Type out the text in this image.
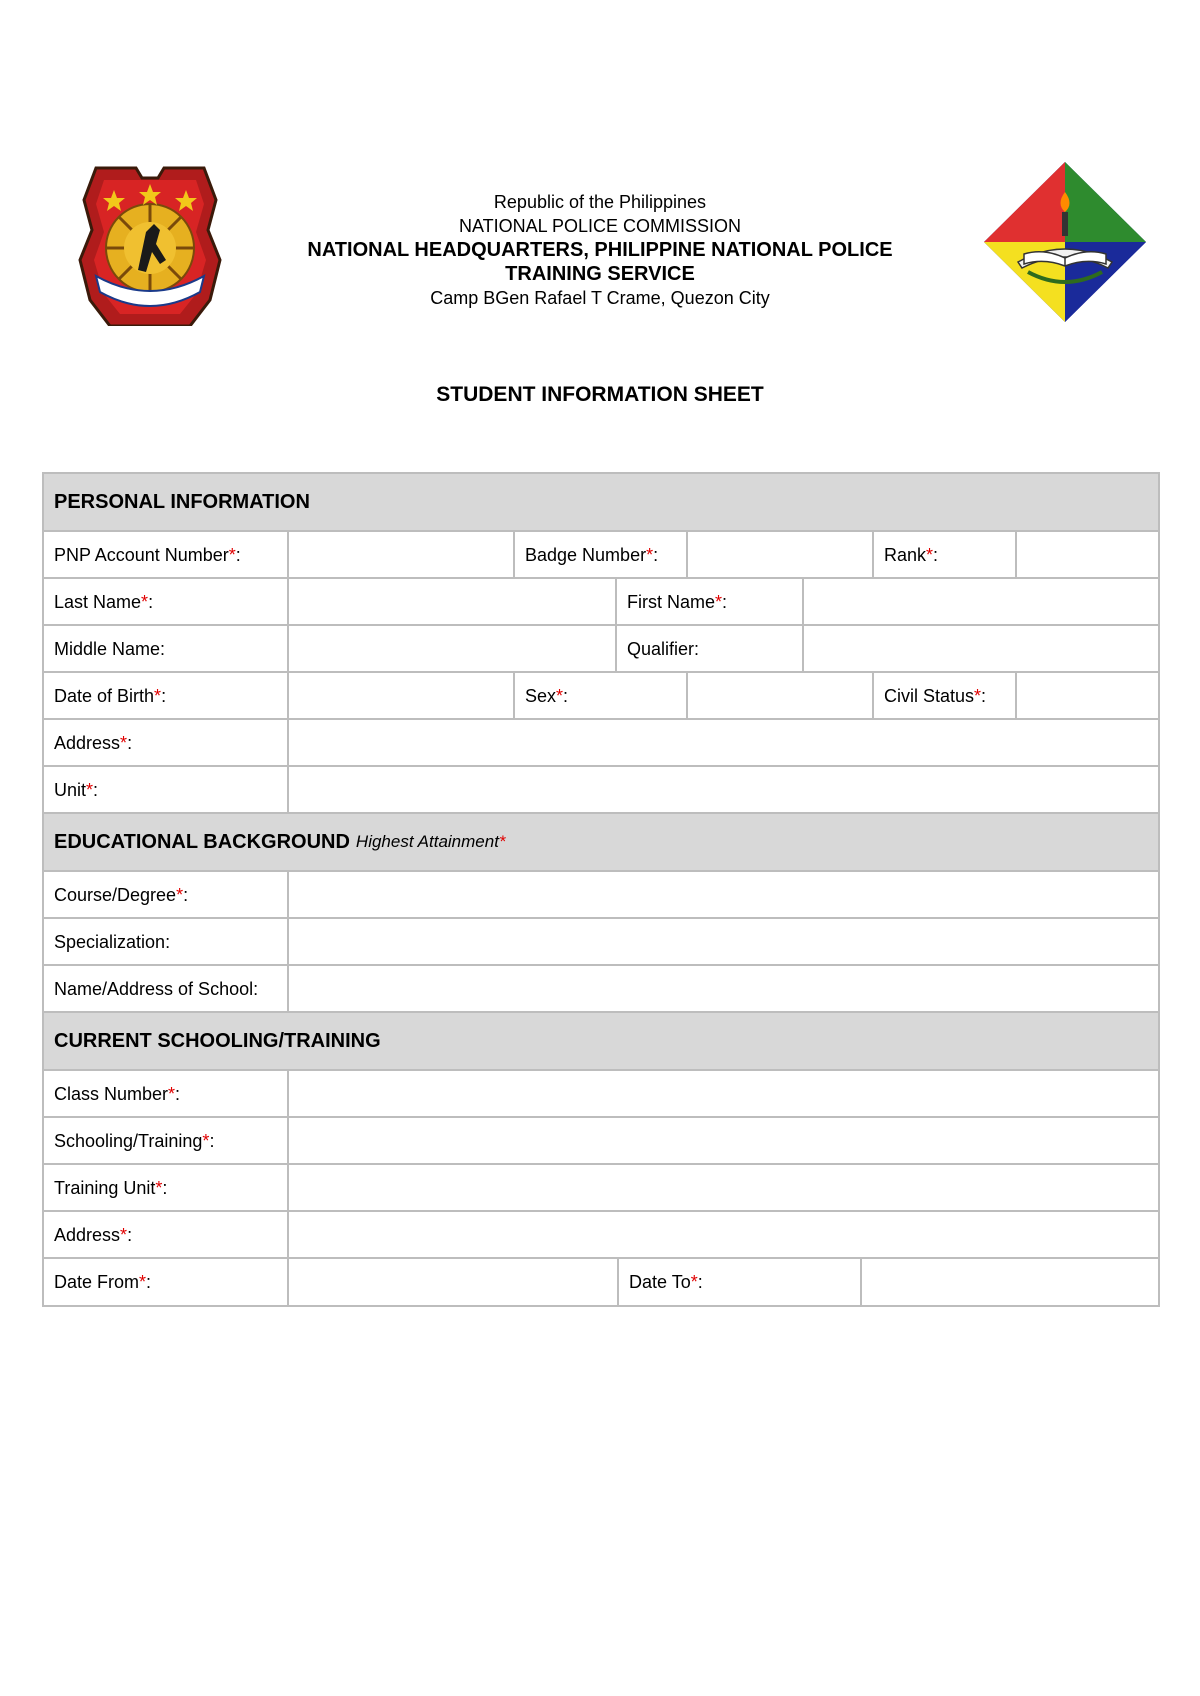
Republic of the Philippines
NATIONAL POLICE COMMISSION
NATIONAL HEADQUARTERS, PHILIPPINE NATIONAL POLICE
TRAINING SERVICE
Camp BGen Rafael T Crame, Quezon City
STUDENT INFORMATION SHEET
PERSONAL INFORMATION
PNP Account Number * :	Badge Number * :	Rank * :
Last Name * :	First Name * :
Middle Name :	Qualifier :
Date of Birth * :	Sex * :	Civil Status * :
Address * :
Unit * :
EDUCATIONAL BACKGROUND Highest Attainment*
Course/Degree * :
Specialization :
Name/Address of School:
CURRENT SCHOOLING/TRAINING
Class Number * :
Schooling/Training * :
Training Unit * :
Address * :
Date From * :	Date To * :
